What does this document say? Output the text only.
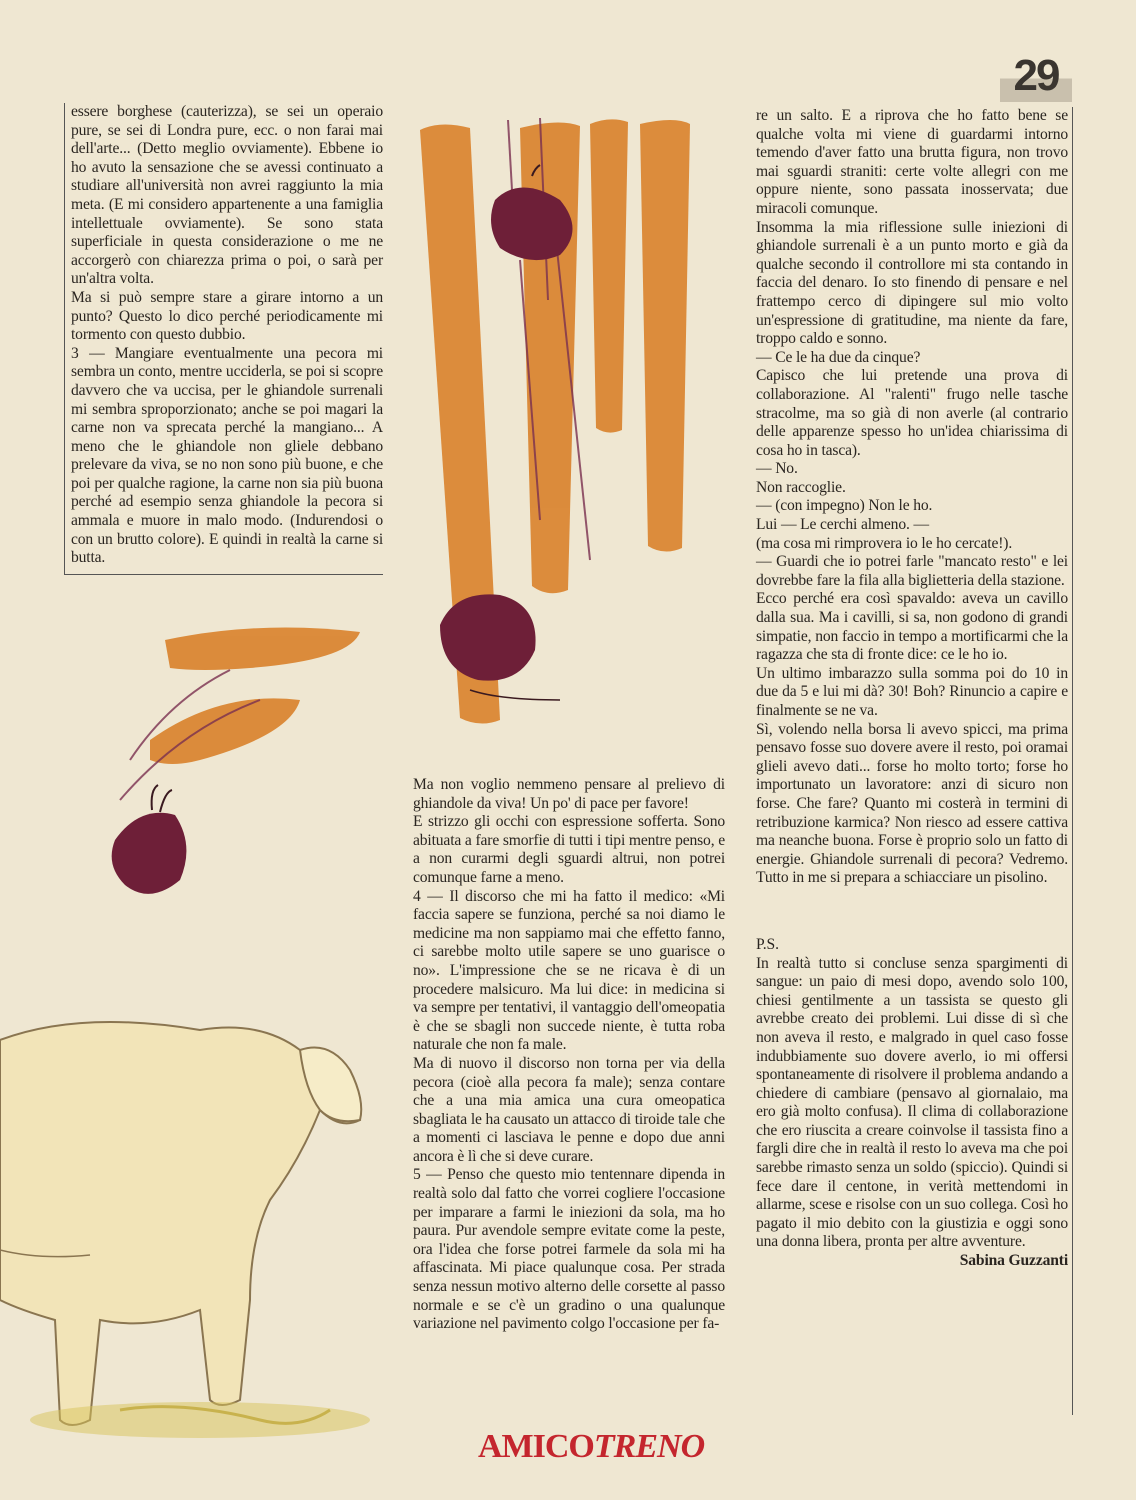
29

essere borghese (cauterizza), se sei un operaio pure, se sei di Londra pure, ecc. o non farai mai dell'arte... (Detto meglio ovviamente). Ebbene io ho avuto la sensazione che se avessi continuato a studiare all'università non avrei raggiunto la mia meta. (E mi considero appartenente a una famiglia intellettuale ovviamente). Se sono stata superficiale in questa considerazione o me ne accorgerò con chiarezza prima o poi, o sarà per un'altra volta.

Ma si può sempre stare a girare intorno a un punto? Questo lo dico perché periodicamente mi tormento con questo dubbio.

3 — Mangiare eventualmente una pecora mi sembra un conto, mentre ucciderla, se poi si scopre davvero che va uccisa, per le ghiandole surrenali mi sembra sproporzionato; anche se poi magari la carne non va sprecata perché la mangiano... A meno che le ghiandole non gliele debbano prelevare da viva, se no non sono più buone, e che poi per qualche ragione, la carne non sia più buona perché ad esempio senza ghiandole la pecora si ammala e muore in malo modo. (Indurendosi o con un brutto colore). E quindi in realtà la carne si butta.

Ma non voglio nemmeno pensare al prelievo di ghiandole da viva! Un po' di pace per favore!

E strizzo gli occhi con espressione sofferta. Sono abituata a fare smorfie di tutti i tipi mentre penso, e a non curarmi degli sguardi altrui, non potrei comunque farne a meno.

4 — Il discorso che mi ha fatto il medico: «Mi faccia sapere se funziona, perché sa noi diamo le medicine ma non sappiamo mai che effetto fanno, ci sarebbe molto utile sapere se uno guarisce o no». L'impressione che se ne ricava è di un procedere malsicuro. Ma lui dice: in medicina si va sempre per tentativi, il vantaggio dell'omeopatia è che se sbagli non succede niente, è tutta roba naturale che non fa male.

Ma di nuovo il discorso non torna per via della pecora (cioè alla pecora fa male); senza contare che a una mia amica una cura omeopatica sbagliata le ha causato un attacco di tiroide tale che a momenti ci lasciava le penne e dopo due anni ancora è lì che si deve curare.

5 — Penso che questo mio tentennare dipenda in realtà solo dal fatto che vorrei cogliere l'occasione per imparare a farmi le iniezioni da sola, ma ho paura. Pur avendole sempre evitate come la peste, ora l'idea che forse potrei farmele da sola mi ha affascinata. Mi piace qualunque cosa. Per strada senza nessun motivo alterno delle corsette al passo normale e se c'è un gradino o una qualunque variazione nel pavimento colgo l'occasione per fa-

re un salto. E a riprova che ho fatto bene se qualche volta mi viene di guardarmi intorno temendo d'aver fatto una brutta figura, non trovo mai sguardi straniti: certe volte allegri con me oppure niente, sono passata inosservata; due miracoli comunque.

Insomma la mia riflessione sulle iniezioni di ghiandole surrenali è a un punto morto e già da qualche secondo il controllore mi sta contando in faccia del denaro. Io sto finendo di pensare e nel frattempo cerco di dipingere sul mio volto un'espressione di gratitudine, ma niente da fare, troppo caldo e sonno.

— Ce le ha due da cinque?

Capisco che lui pretende una prova di collaborazione. Al "ralenti" frugo nelle tasche stracolme, ma so già di non averle (al contrario delle apparenze spesso ho un'idea chiarissima di cosa ho in tasca).

— No.

Non raccoglie.

— (con impegno) Non le ho.

Lui — Le cerchi almeno. —

(ma cosa mi rimprovera io le ho cercate!).

— Guardi che io potrei farle "mancato resto" e lei dovrebbe fare la fila alla biglietteria della stazione.

Ecco perché era così spavaldo: aveva un cavillo dalla sua. Ma i cavilli, si sa, non godono di grandi simpatie, non faccio in tempo a mortificarmi che la ragazza che sta di fronte dice: ce le ho io.

Un ultimo imbarazzo sulla somma poi do 10 in due da 5 e lui mi dà? 30! Boh? Rinuncio a capire e finalmente se ne va.

Sì, volendo nella borsa li avevo spicci, ma prima pensavo fosse suo dovere avere il resto, poi oramai glieli avevo dati... forse ho molto torto; forse ho importunato un lavoratore: anzi di sicuro non forse. Che fare? Quanto mi costerà in termini di retribuzione karmica? Non riesco ad essere cattiva ma neanche buona. Forse è proprio solo un fatto di energie. Ghiandole surrenali di pecora? Vedremo. Tutto in me si prepara a schiacciare un pisolino.

P.S.

In realtà tutto si concluse senza spargimenti di sangue: un paio di mesi dopo, avendo solo 100, chiesi gentilmente a un tassista se questo gli avrebbe creato dei problemi. Lui disse di sì che non aveva il resto, e malgrado in quel caso fosse indubbiamente suo dovere averlo, io mi offersi spontaneamente di risolvere il problema andando a chiedere di cambiare (pensavo al giornalaio, ma ero già molto confusa). Il clima di collaborazione che ero riuscita a creare coinvolse il tassista fino a fargli dire che in realtà il resto lo aveva ma che poi sarebbe rimasto senza un soldo (spiccio). Quindi si fece dare il centone, in verità mettendomi in allarme, scese e risolse con un suo collega. Così ho pagato il mio debito con la giustizia e oggi sono una donna libera, pronta per altre avventure.

Sabina Guzzanti

AMICOTRENO
